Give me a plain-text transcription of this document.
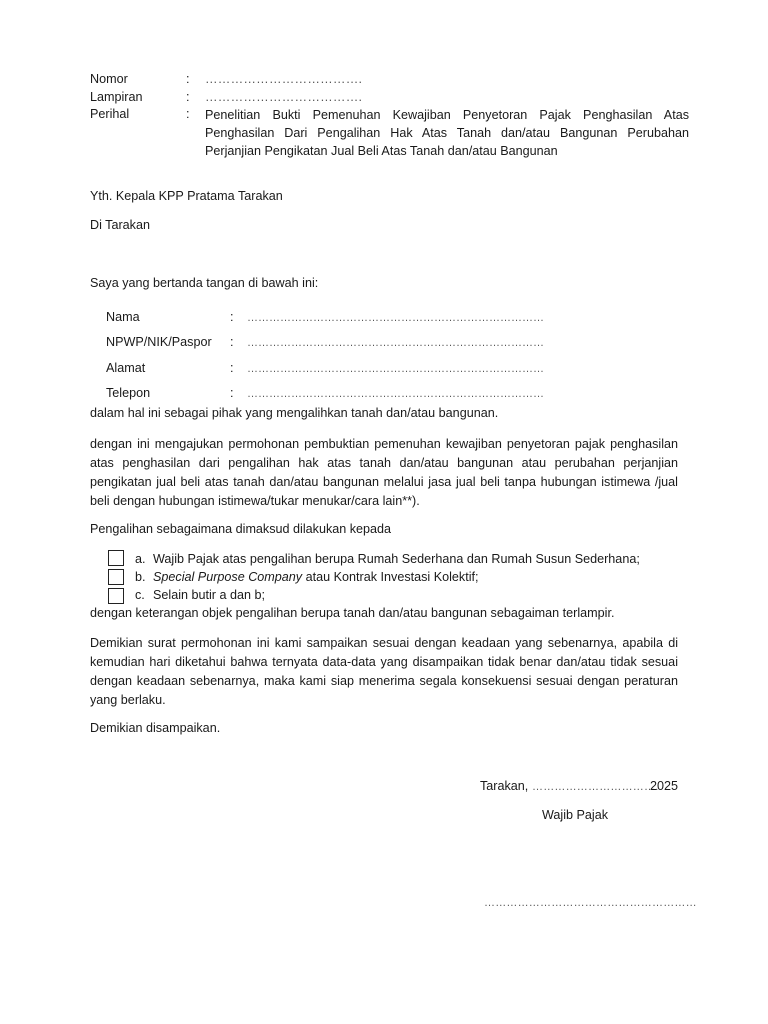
Nomor	: ……………………………….
Lampiran	: ……………………………….
Perihal	: Penelitian Bukti Pemenuhan Kewajiban Penyetoran Pajak Penghasilan Atas
Penghasilan Dari Pengalihan Hak Atas Tanah dan/atau Bangunan Perubahan
Perjanjian Pengikatan Jual Beli Atas Tanah dan/atau Bangunan
Yth. Kepala KPP Pratama Tarakan
Di Tarakan
Saya yang bertanda tangan di bawah ini:
Nama	: ………………………………………………………………………
NPWP/NIK/Paspor : ………………………………………………………………………
Alamat	: ………………………………………………………………………
Telepon	: ………………………………………………………………………
dalam hal ini sebagai pihak yang mengalihkan tanah dan/atau bangunan.
dengan ini mengajukan permohonan pembuktian pemenuhan kewajiban penyetoran pajak penghasilan
atas penghasilan dari pengalihan hak atas tanah dan/atau bangunan atau perubahan perjanjian
pengikatan jual beli atas tanah dan/atau bangunan melalui jasa jual beli tanpa hubungan istimewa /jual
beli dengan hubungan istimewa/tukar menukar/cara lain**).
Pengalihan sebagaimana dimaksud dilakukan kepada
a. Wajib Pajak atas pengalihan berupa Rumah Sederhana dan Rumah Susun Sederhana;
b. Special Purpose Company atau Kontrak Investasi Kolektif;
c. Selain butir a dan b;
dengan keterangan objek pengalihan berupa tanah dan/atau bangunan sebagaiman terlampir.
Demikian surat permohonan ini kami sampaikan sesuai dengan keadaan yang sebenarnya, apabila di
kemudian hari diketahui bahwa ternyata data-data yang disampaikan tidak benar dan/atau tidak sesuai
dengan keadaan sebenarnya, maka kami siap menerima segala konsekuensi sesuai dengan peraturan
yang berlaku.
Demikian disampaikan.
Tarakan, …………………………….
2025
Wajib Pajak
…………………………………………………
